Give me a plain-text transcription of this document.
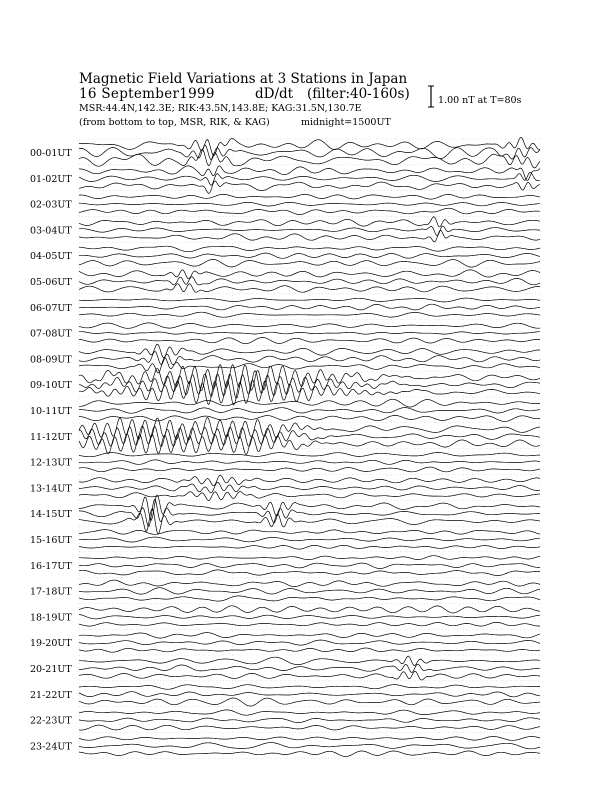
Magnetic Field Variations at 3 Stations in Japan

16 September1999	dD/dt (filter:40-160s)

MSR:44.4N,142.3E; RIK:43.5N,143.8E; KAG:31.5N,130.7E

(from bottom to top, MSR, RIK, & KAG)	midnight=1500UT

1.00 nT at T=80s

00-01UT
01-02UT
02-03UT
03-04UT
04-05UT
05-06UT
06-07UT
07-08UT
08-09UT
09-10UT
10-11UT
11-12UT
12-13UT
13-14UT
14-15UT
15-16UT
16-17UT
17-18UT
18-19UT
19-20UT
20-21UT
21-22UT
22-23UT
23-24UT
